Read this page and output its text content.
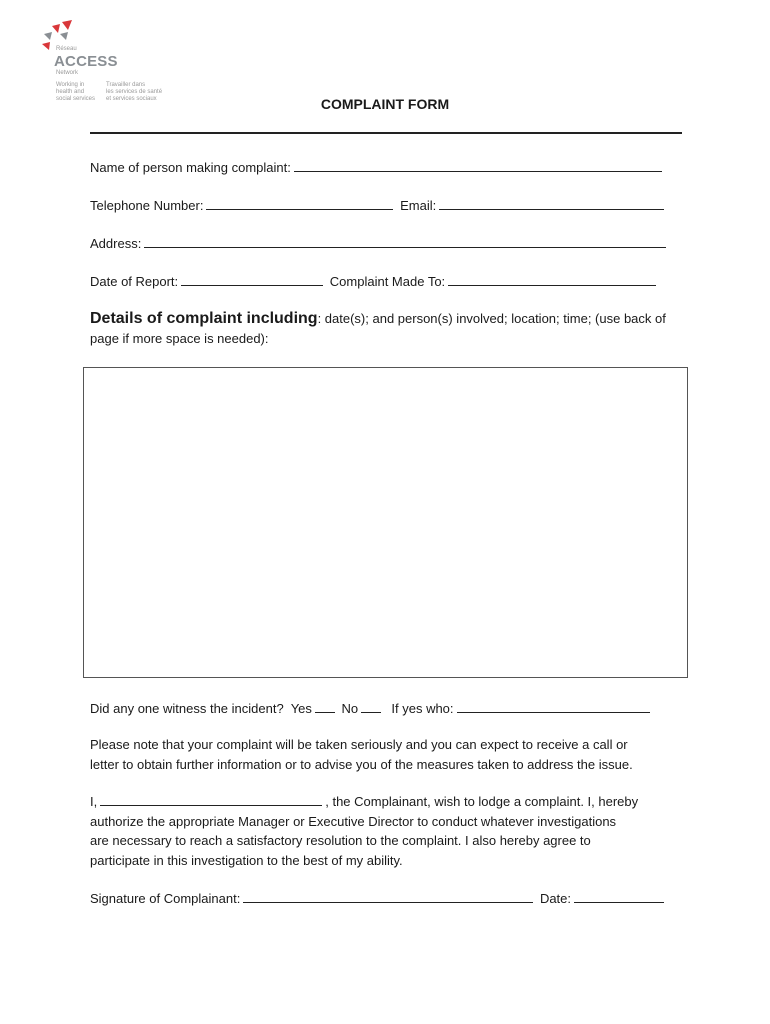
Réseau
ACCESS
Network
Working in
health and
social services
Travailler dans
les services de santé
et services sociaux	COMPLAINT FORM
Name of person making complaint:
Telephone Number:	Email:
Address:
Date of Report:	Complaint Made To:
Details of complaint including: date(s); and person(s) involved; location; time; (use back of
page if more space is needed):
Did any one witness the incident? Yes No	If yes who:
Please note that your complaint will be taken seriously and you can expect to receive a call or
letter to obtain further information or to advise you of the measures taken to address the issue.
I,	, the Complainant, wish to lodge a complaint. I, hereby
authorize the appropriate Manager or Executive Director to conduct whatever investigations
are necessary to reach a satisfactory resolution to the complaint. I also hereby agree to
participate in this investigation to the best of my ability.
Signature of Complainant:	Date:
